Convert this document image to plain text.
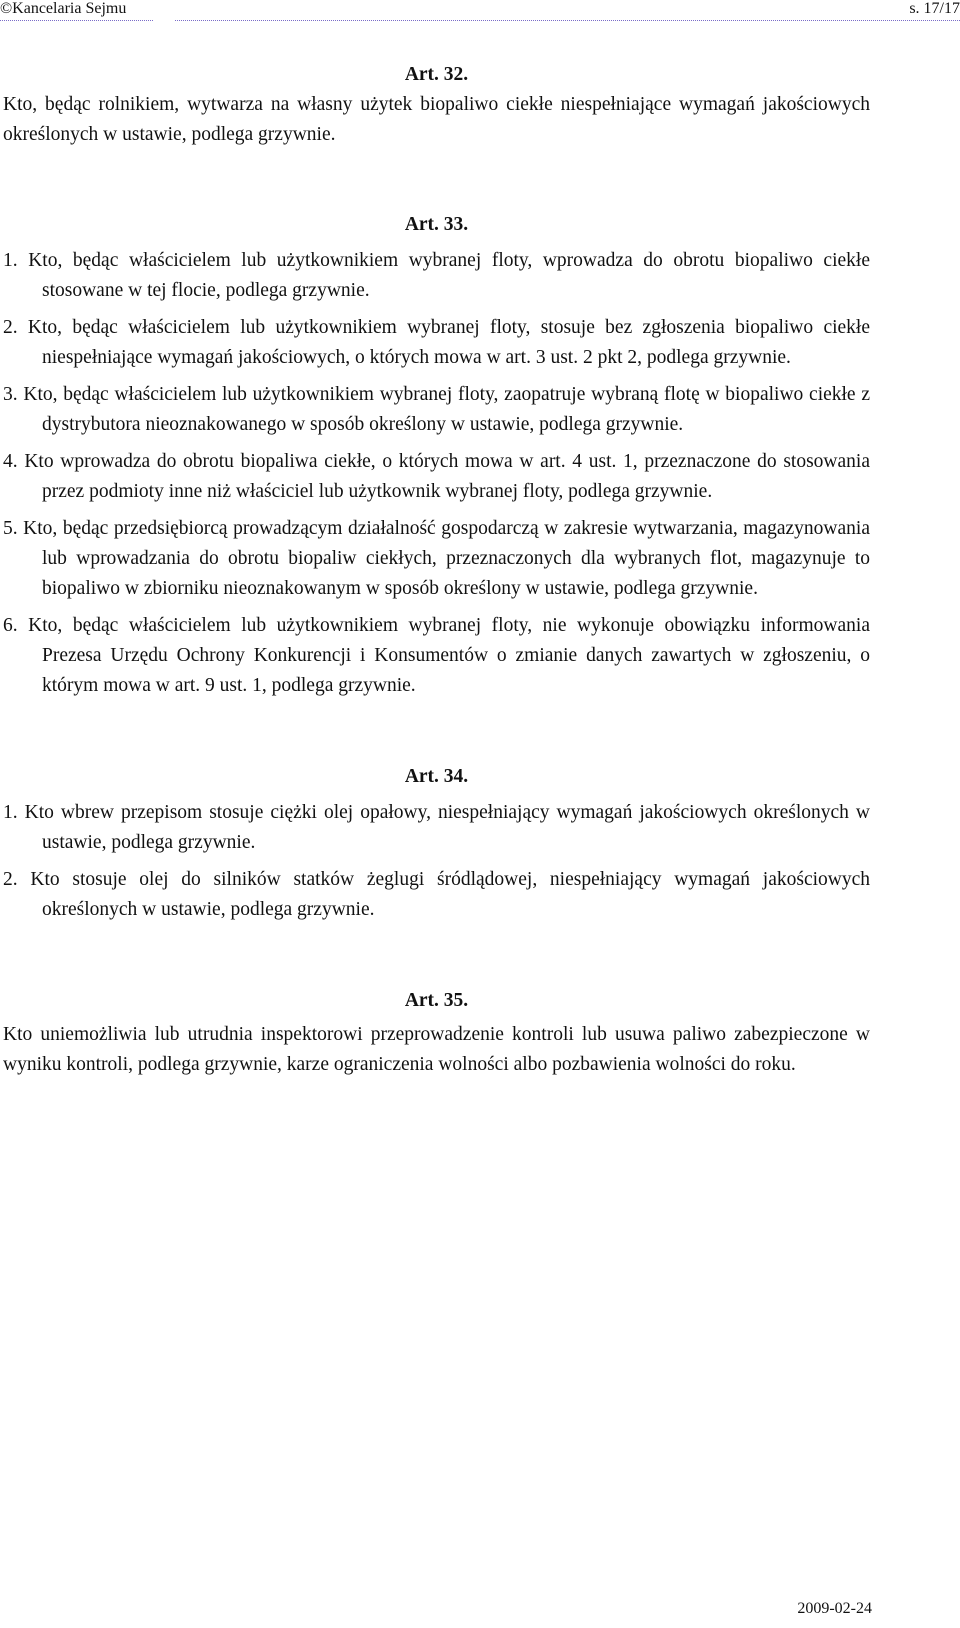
©Kancelaria Sejmu	s. 17/17

Art. 32.

Kto, będąc rolnikiem, wytwarza na własny użytek biopaliwo ciekłe niespełniające wymagań jakościowych określonych w ustawie, podlega grzywnie.

Art. 33.

1. Kto, będąc właścicielem lub użytkownikiem wybranej floty, wprowadza do obrotu biopaliwo ciekłe stosowane w tej flocie, podlega grzywnie.

2. Kto, będąc właścicielem lub użytkownikiem wybranej floty, stosuje bez zgłoszenia biopaliwo ciekłe niespełniające wymagań jakościowych, o których mowa w art. 3 ust. 2 pkt 2, podlega grzywnie.

3. Kto, będąc właścicielem lub użytkownikiem wybranej floty, zaopatruje wybraną flotę w biopaliwo ciekłe z dystrybutora nieoznakowanego w sposób określony w ustawie, podlega grzywnie.

4. Kto wprowadza do obrotu biopaliwa ciekłe, o których mowa w art. 4 ust. 1, przeznaczone do stosowania przez podmioty inne niż właściciel lub użytkownik wybranej floty, podlega grzywnie.

5. Kto, będąc przedsiębiorcą prowadzącym działalność gospodarczą w zakresie wytwarzania, magazynowania lub wprowadzania do obrotu biopaliw ciekłych, przeznaczonych dla wybranych flot, magazynuje to biopaliwo w zbiorniku nieoznakowanym w sposób określony w ustawie, podlega grzywnie.

6. Kto, będąc właścicielem lub użytkownikiem wybranej floty, nie wykonuje obowiązku informowania Prezesa Urzędu Ochrony Konkurencji i Konsumentów o zmianie danych zawartych w zgłoszeniu, o którym mowa w art. 9 ust. 1, podlega grzywnie.

Art. 34.

1. Kto wbrew przepisom stosuje ciężki olej opałowy, niespełniający wymagań jakościowych określonych w ustawie, podlega grzywnie.

2. Kto stosuje olej do silników statków żeglugi śródlądowej, niespełniający wymagań jakościowych określonych w ustawie, podlega grzywnie.

Art. 35.

Kto uniemożliwia lub utrudnia inspektorowi przeprowadzenie kontroli lub usuwa paliwo zabezpieczone w wyniku kontroli, podlega grzywnie, karze ograniczenia wolności albo pozbawienia wolności do roku.

2009-02-24
